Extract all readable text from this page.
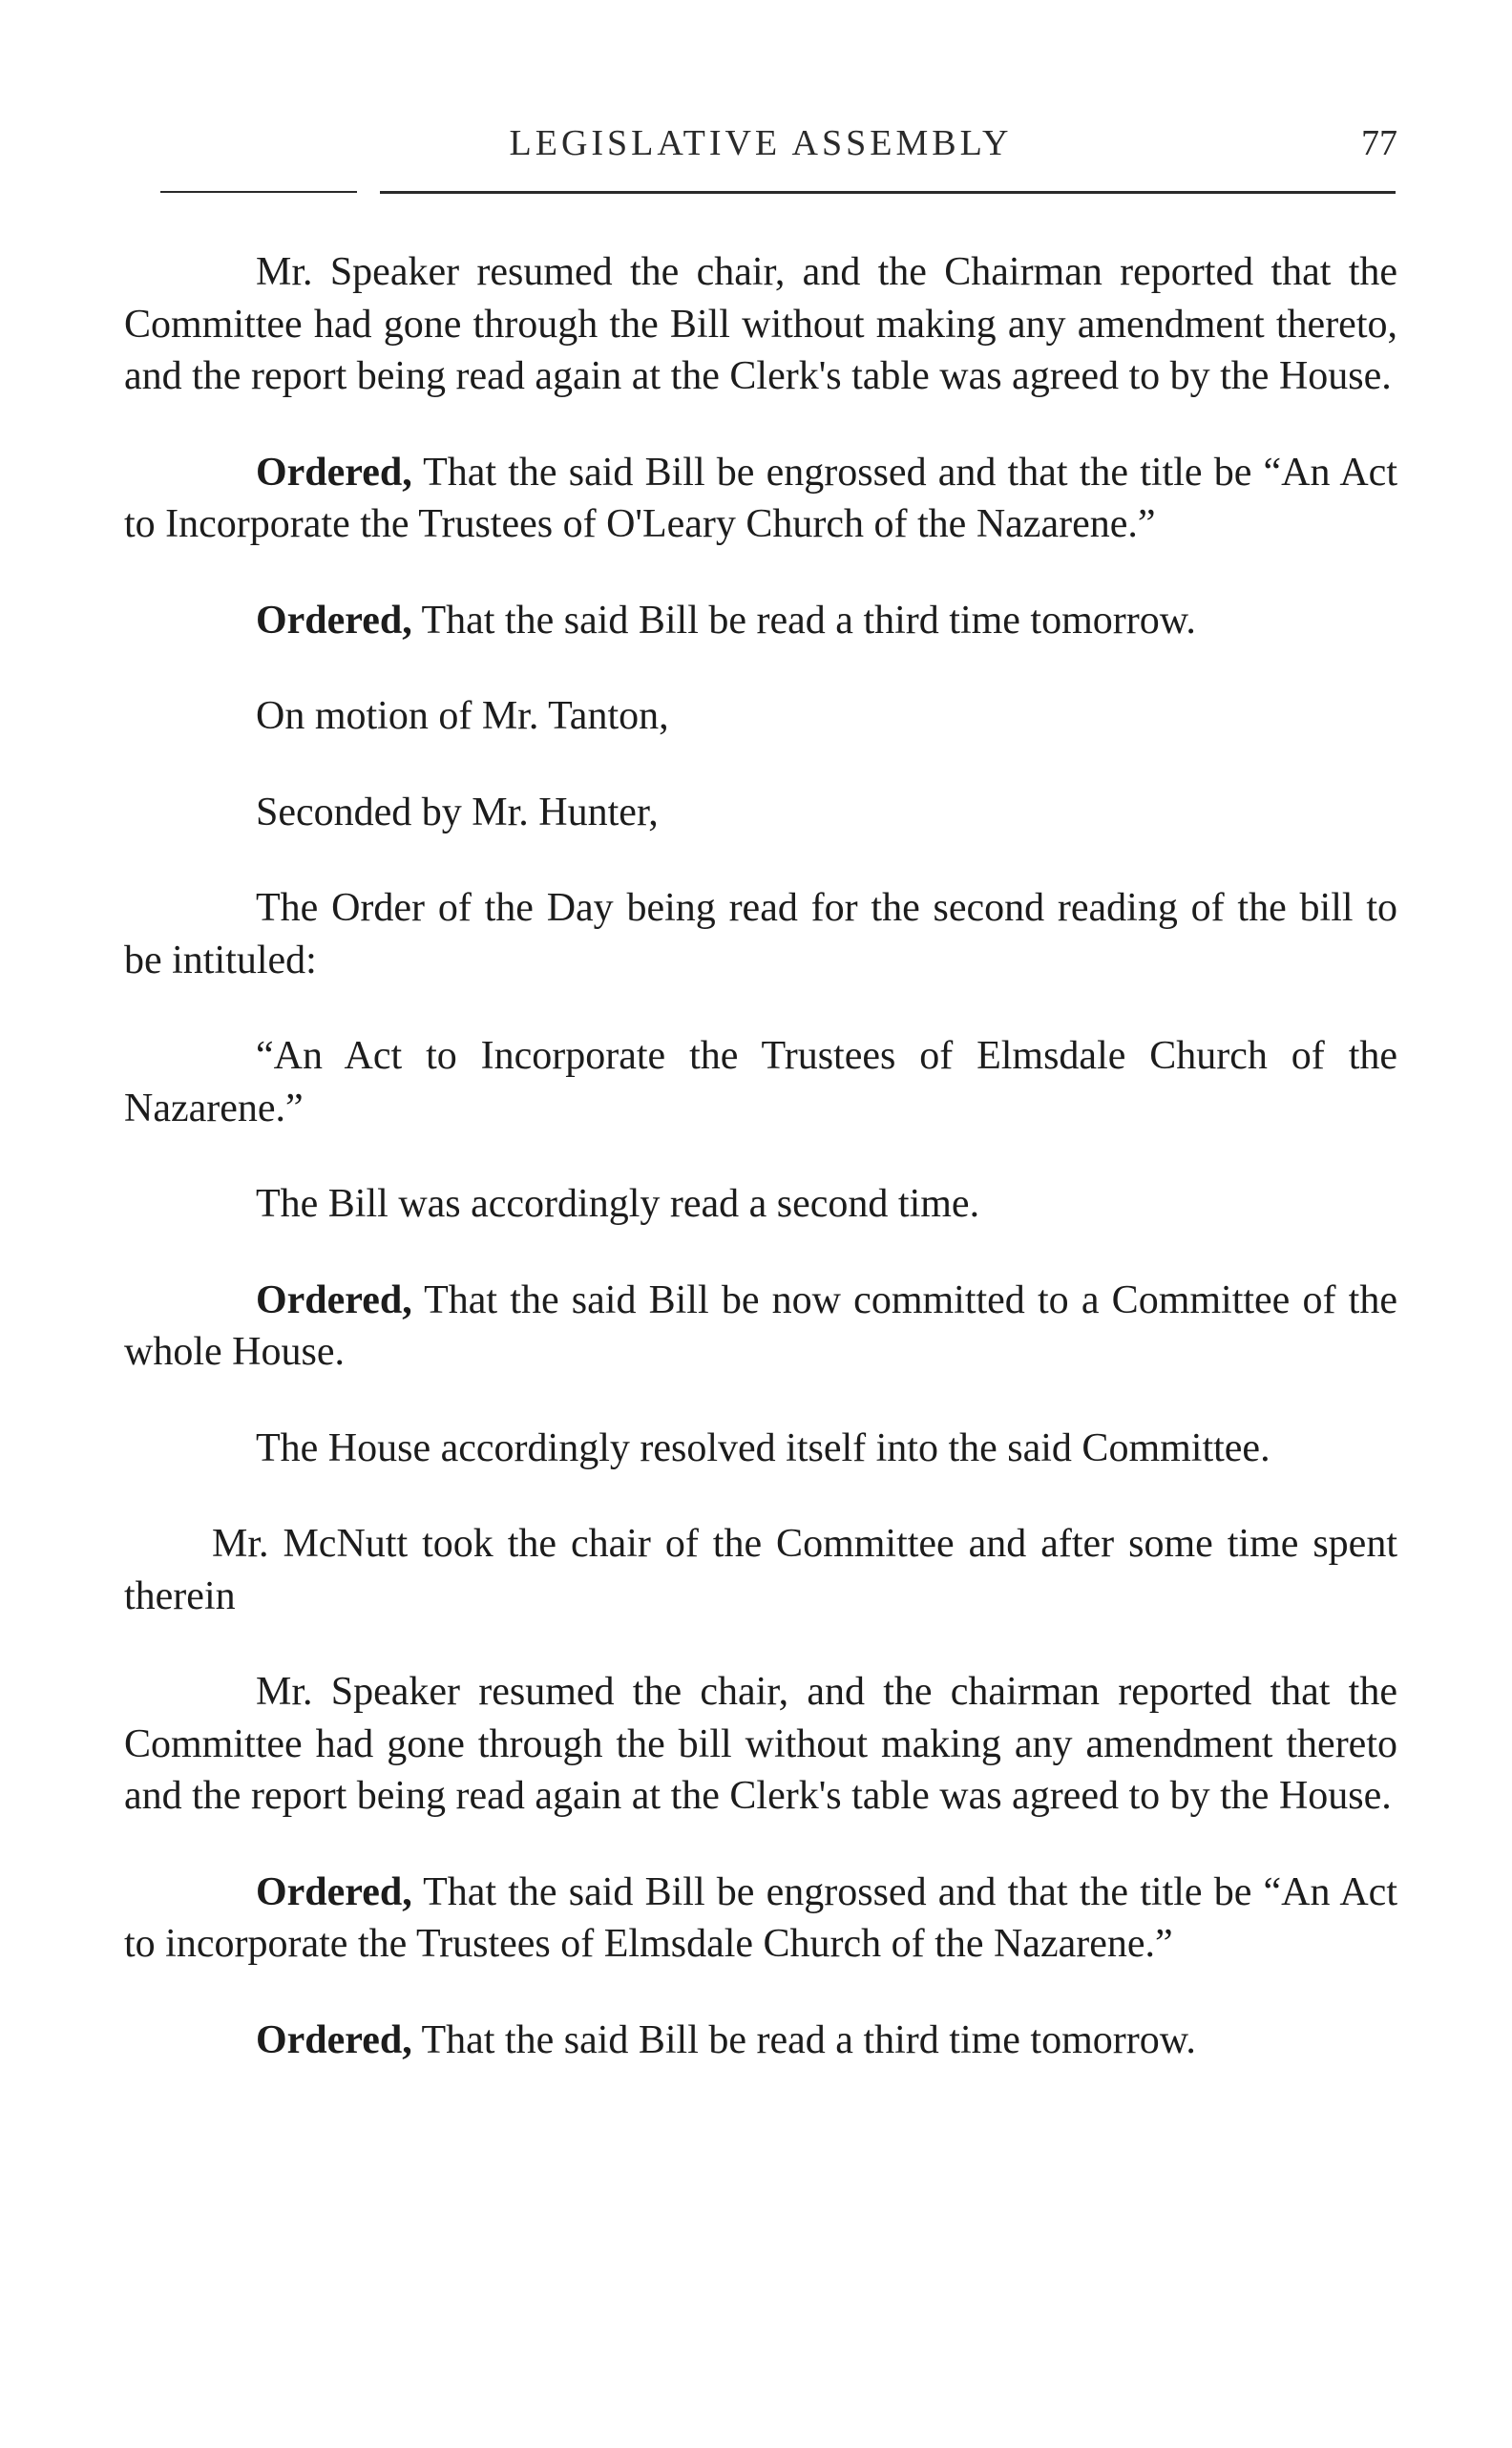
LEGISLATIVE ASSEMBLY	77

Mr. Speaker resumed the chair, and the Chairman reported that the Committee had gone through the Bill without making any amendment thereto, and the report being read again at the Clerk's table was agreed to by the House.

Ordered, That the said Bill be engrossed and that the title be “An Act to Incorporate the Trustees of O'Leary Church of the Nazarene.”

Ordered, That the said Bill be read a third time tomorrow.

On motion of Mr. Tanton,

Seconded by Mr. Hunter,

The Order of the Day being read for the second reading of the bill to be intituled:

“An Act to Incorporate the Trustees of Elmsdale Church of the Nazarene.”

The Bill was accordingly read a second time.

Ordered, That the said Bill be now committed to a Committee of the whole House.

The House accordingly resolved itself into the said Committee.

Mr. McNutt took the chair of the Committee and after some time spent therein

Mr. Speaker resumed the chair, and the chairman reported that the Committee had gone through the bill without making any amendment thereto and the report being read again at the Clerk's table was agreed to by the House.

Ordered, That the said Bill be engrossed and that the title be “An Act to incorporate the Trustees of Elmsdale Church of the Nazarene.”

Ordered, That the said Bill be read a third time tomorrow.
